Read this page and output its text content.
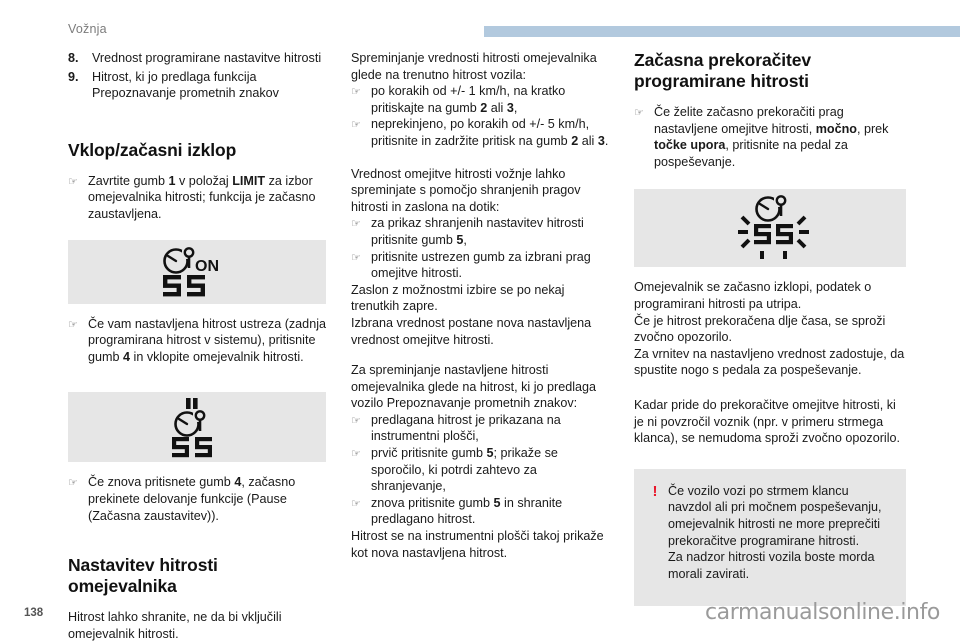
Vožnja
8. Vrednost programirane nastavitve hitrosti
9. Hitrost, ki jo predlaga funkcija Prepoznavanje prometnih znakov
Vklop/začasni izklop
☞ Zavrtite gumb 1 v položaj LIMIT za izbor omejevalnika hitrosti; funkcija je začasno zaustavljena.
ON
☞ Če vam nastavljena hitrost ustreza (zadnja programirana hitrost v sistemu), pritisnite gumb 4 in vklopite omejevalnik hitrosti.
☞ Če znova pritisnete gumb 4, začasno prekinete delovanje funkcije (Pause (Začasna zaustavitev)).
Nastavitev hitrosti omejevalnika

Hitrost lahko shranite, ne da bi vključili omejevalnik hitrosti.

Spreminjanje vrednosti hitrosti omejevalnika glede na trenutno hitrost vozila:

☞ po korakih od +/- 1 km/h, na kratko pritiskajte na gumb 2 ali 3,
☞ neprekinjeno, po korakih od +/- 5 km/h, pritisnite in zadržite pritisk na gumb 2 ali 3.

Vrednost omejitve hitrosti vožnje lahko spreminjate s pomočjo shranjenih pragov hitrosti in zaslona na dotik:

☞ za prikaz shranjenih nastavitev hitrosti pritisnite gumb 5,
☞ pritisnite ustrezen gumb za izbrani prag omejitve hitrosti.

Zaslon z možnostmi izbire se po nekaj trenutkih zapre.

Izbrana vrednost postane nova nastavljena vrednost omejitve hitrosti.

Za spreminjanje nastavljene hitrosti omejevalnika glede na hitrost, ki jo predlaga vozilo Prepoznavanje prometnih znakov:

☞ predlagana hitrost je prikazana na instrumentni plošči,
☞ prvič pritisnite gumb 5; prikaže se sporočilo, ki potrdi zahtevo za shranjevanje,
☞ znova pritisnite gumb 5 in shranite predlagano hitrost.

Hitrost se na instrumentni plošči takoj prikaže kot nova nastavljena hitrost.

Začasna prekoračitev programirane hitrosti
☞ Če želite začasno prekoračiti prag nastavljene omejitve hitrosti, močno, prek točke upora, pritisnite na pedal za pospeševanje.

Omejevalnik se začasno izklopi, podatek o programirani hitrosti pa utripa.

Če je hitrost prekoračena dlje časa, se sproži zvočno opozorilo.

Za vrnitev na nastavljeno vrednost zadostuje, da spustite nogo s pedala za pospeševanje.

Kadar pride do prekoračitve omejitve hitrosti, ki je ni povzročil voznik (npr. v primeru strmega klanca), se nemudoma sproži zvočno opozorilo.

! Če vozilo vozi po strmem klancu navzdol ali pri močnem pospeševanju, omejevalnik hitrosti ne more preprečiti prekoračitve programirane hitrosti.
Za nadzor hitrosti vozila boste morda morali zavirati.
138	carmanualsonline.info
